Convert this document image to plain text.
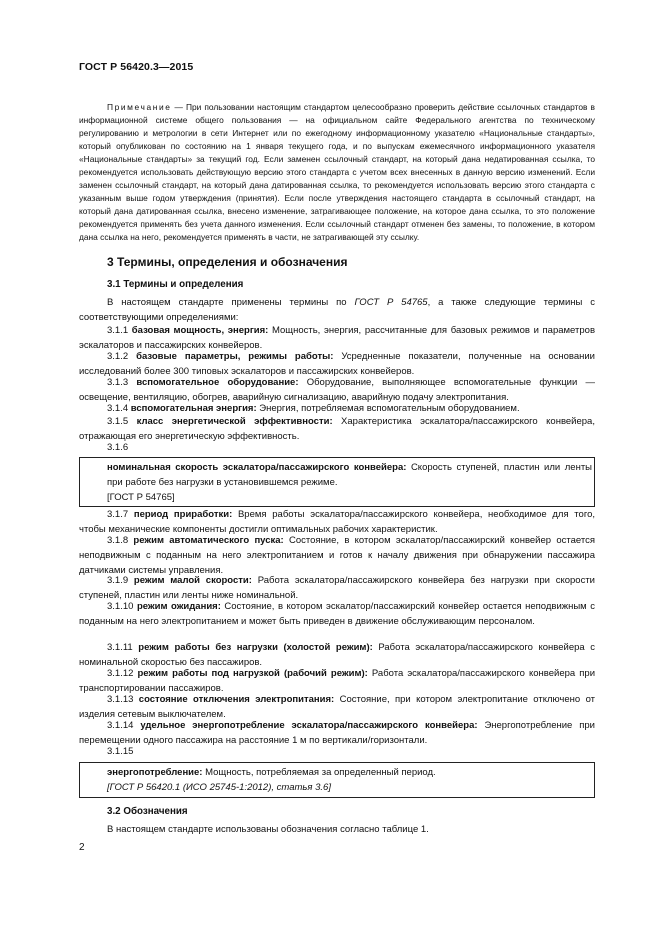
ГОСТ Р 56420.3—2015
Примечание — При пользовании настоящим стандартом целесообразно проверить действие ссылочных стандартов в информационной системе общего пользования — на официальном сайте Федерального агентства по техническому регулированию и метрологии в сети Интернет или по ежегодному информационному указателю «Национальные стандарты», который опубликован по состоянию на 1 января текущего года, и по выпускам ежемесячного информационного указателя «Национальные стандарты» за текущий год. Если заменен ссылочный стандарт, на который дана недатированная ссылка, то рекомендуется использовать действующую версию этого стандарта с учетом всех внесенных в данную версию изменений. Если заменен ссылочный стандарт, на который дана датированная ссылка, то рекомендуется использовать версию этого стандарта с указанным выше годом утверждения (принятия). Если после утверждения настоящего стандарта в ссылочный стандарт, на который дана датированная ссылка, внесено изменение, затрагивающее положение, на которое дана ссылка, то это положение рекомендуется применять без учета данного изменения. Если ссылочный стандарт отменен без замены, то положение, в котором дана ссылка на него, рекомендуется применять в части, не затрагивающей эту ссылку.
3 Термины, определения и обозначения
3.1 Термины и определения
В настоящем стандарте применены термины по ГОСТ Р 54765, а также следующие термины с соответствующими определениями:
3.1.1 базовая мощность, энергия: Мощность, энергия, рассчитанные для базовых режимов и параметров эскалаторов и пассажирских конвейеров.
3.1.2 базовые параметры, режимы работы: Усредненные показатели, полученные на основании исследований более 300 типовых эскалаторов и пассажирских конвейеров.
3.1.3 вспомогательное оборудование: Оборудование, выполняющее вспомогательные функции — освещение, вентиляцию, обогрев, аварийную сигнализацию, аварийную подачу электропитания.
3.1.4 вспомогательная энергия: Энергия, потребляемая вспомогательным оборудованием.
3.1.5 класс энергетической эффективности: Характеристика эскалатора/пассажирского конвейера, отражающая его энергетическую эффективность.
3.1.6
номинальная скорость эскалатора/пассажирского конвейера: Скорость ступеней, пластин или ленты при работе без нагрузки в установившемся режиме.
[ГОСТ Р 54765]
3.1.7 период приработки: Время работы эскалатора/пассажирского конвейера, необходимое для того, чтобы механические компоненты достигли оптимальных рабочих характеристик.
3.1.8 режим автоматического пуска: Состояние, в котором эскалатор/пассажирский конвейер остается неподвижным с поданным на него электропитанием и готов к началу движения при обнаружении пассажира датчиками системы управления.
3.1.9 режим малой скорости: Работа эскалатора/пассажирского конвейера без нагрузки при скорости ступеней, пластин или ленты ниже номинальной.
3.1.10 режим ожидания: Состояние, в котором эскалатор/пассажирский конвейер остается неподвижным с поданным на него электропитанием и может быть приведен в движение обслуживающим персоналом.
3.1.11 режим работы без нагрузки (холостой режим): Работа эскалатора/пассажирского конвейера с номинальной скоростью без пассажиров.
3.1.12 режим работы под нагрузкой (рабочий режим): Работа эскалатора/пассажирского конвейера при транспортировании пассажиров.
3.1.13 состояние отключения электропитания: Состояние, при котором электропитание отключено от изделия сетевым выключателем.
3.1.14 удельное энергопотребление эскалатора/пассажирского конвейера: Энергопотребление при перемещении одного пассажира на расстояние 1 м по вертикали/горизонтали.
3.1.15
энергопотребление: Мощность, потребляемая за определенный период.
[ГОСТ Р 56420.1 (ИСО 25745-1:2012), статья 3.6]
3.2 Обозначения
В настоящем стандарте использованы обозначения согласно таблице 1.
2
